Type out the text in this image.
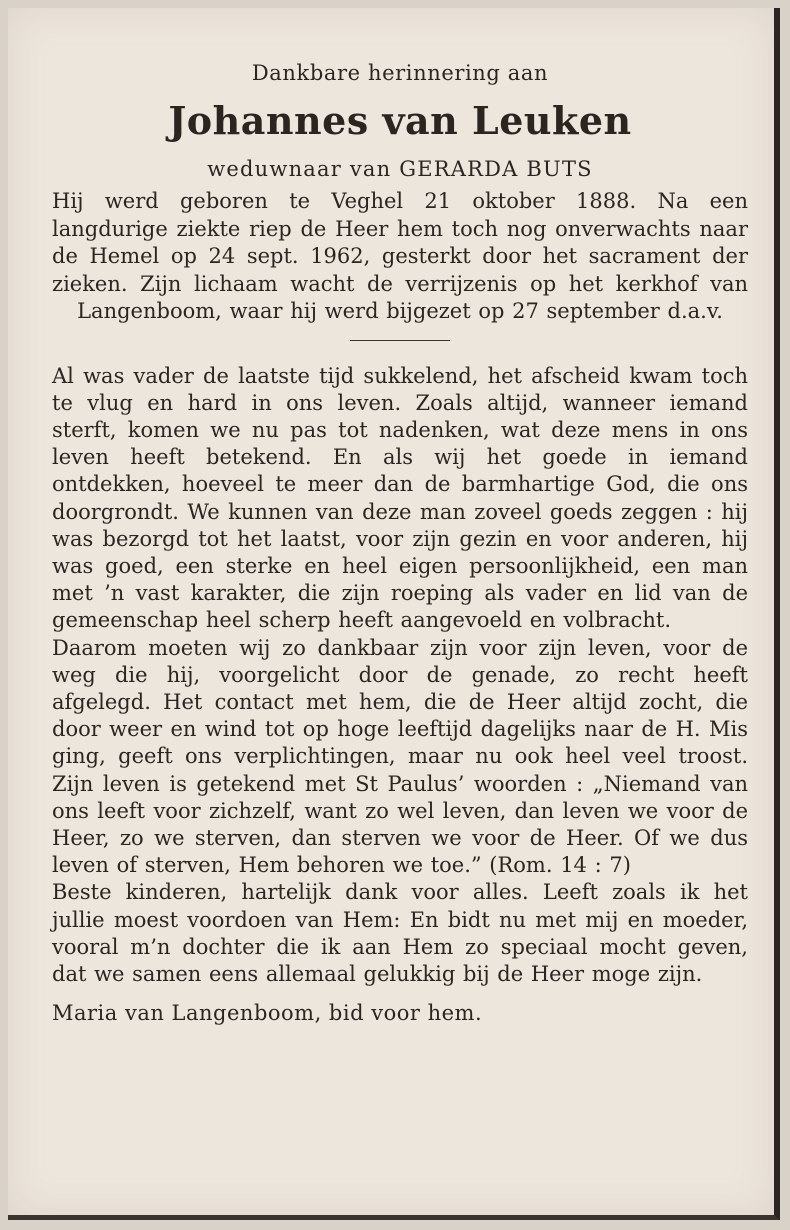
Dankbare herinnering aan

Johannes van Leuken

weduwnaar van GERARDA BUTS

Hij werd geboren te Veghel 21 oktober 1888. Na een langdurige ziekte riep de Heer hem toch nog onverwachts naar de Hemel op 24 sept. 1962, gesterkt door het sacrament der zieken. Zijn lichaam wacht de verrijzenis op het kerkhof van Langenboom, waar hij werd bijgezet op 27 september d.a.v.

Al was vader de laatste tijd sukkelend, het afscheid kwam toch te vlug en hard in ons leven. Zoals altijd, wanneer iemand sterft, komen we nu pas tot nadenken, wat deze mens in ons leven heeft betekend. En als wij het goede in iemand ontdekken, hoeveel te meer dan de barmhartige God, die ons doorgrondt. We kunnen van deze man zoveel goeds zeggen : hij was bezorgd tot het laatst, voor zijn gezin en voor anderen, hij was goed, een sterke en heel eigen persoonlijkheid, een man met ’n vast karakter, die zijn roeping als vader en lid van de gemeenschap heel scherp heeft aangevoeld en volbracht.

Daarom moeten wij zo dankbaar zijn voor zijn leven, voor de weg die hij, voorgelicht door de genade, zo recht heeft afgelegd. Het contact met hem, die de Heer altijd zocht, die door weer en wind tot op hoge leeftijd dagelijks naar de H. Mis ging, geeft ons verplichtingen, maar nu ook heel veel troost. Zijn leven is getekend met St Paulus’ woorden : „Niemand van ons leeft voor zichzelf, want zo wel leven, dan leven we voor de Heer, zo we sterven, dan sterven we voor de Heer. Of we dus leven of sterven, Hem behoren we toe.” (Rom. 14 : 7)

Beste kinderen, hartelijk dank voor alles. Leeft zoals ik het jullie moest voordoen van Hem: En bidt nu met mij en moeder, vooral m’n dochter die ik aan Hem zo speciaal mocht geven, dat we samen eens allemaal gelukkig bij de Heer moge zijn.

Maria van Langenboom, bid voor hem.
